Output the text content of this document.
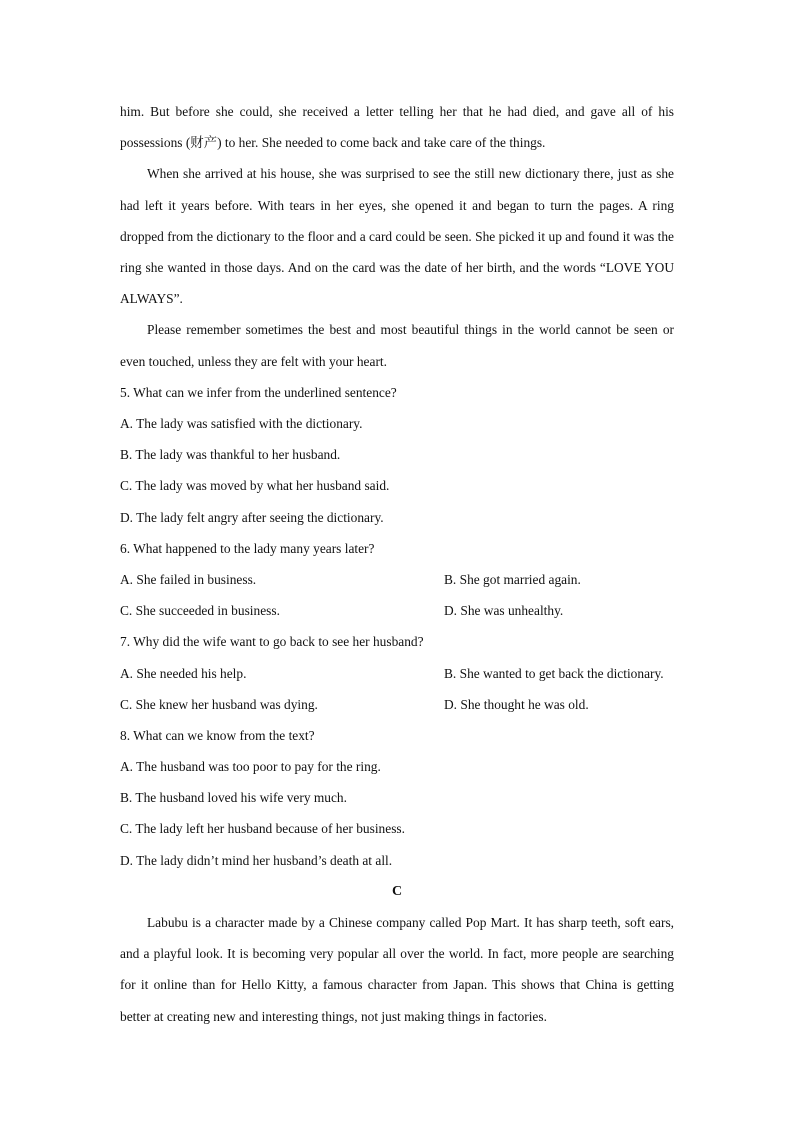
him. But before she could, she received a letter telling her that he had died, and gave all of his possessions (财产) to her. She needed to come back and take care of the things.

When she arrived at his house, she was surprised to see the still new dictionary there, just as she had left it years before. With tears in her eyes, she opened it and began to turn the pages. A ring dropped from the dictionary to the floor and a card could be seen. She picked it up and found it was the ring she wanted in those days. And on the card was the date of her birth, and the words “LOVE YOU ALWAYS”.

Please remember sometimes the best and most beautiful things in the world cannot be seen or even touched, unless they are felt with your heart.

5. What can we infer from the underlined sentence?

A. The lady was satisfied with the dictionary.

B. The lady was thankful to her husband.

C. The lady was moved by what her husband said.

D. The lady felt angry after seeing the dictionary.

6. What happened to the lady many years later?

A. She failed in business.	B. She got married again.
C. She succeeded in business.	D. She was unhealthy.

7. Why did the wife want to go back to see her husband?

A. She needed his help.	B. She wanted to get back the dictionary.
C. She knew her husband was dying.	D. She thought he was old.

8. What can we know from the text?

A. The husband was too poor to pay for the ring.

B. The husband loved his wife very much.

C. The lady left her husband because of her business.

D. The lady didn’t mind her husband’s death at all.

C

Labubu is a character made by a Chinese company called Pop Mart. It has sharp teeth, soft ears, and a playful look. It is becoming very popular all over the world. In fact, more people are searching for it online than for Hello Kitty, a famous character from Japan. This shows that China is getting better at creating new and interesting things, not just making things in factories.
